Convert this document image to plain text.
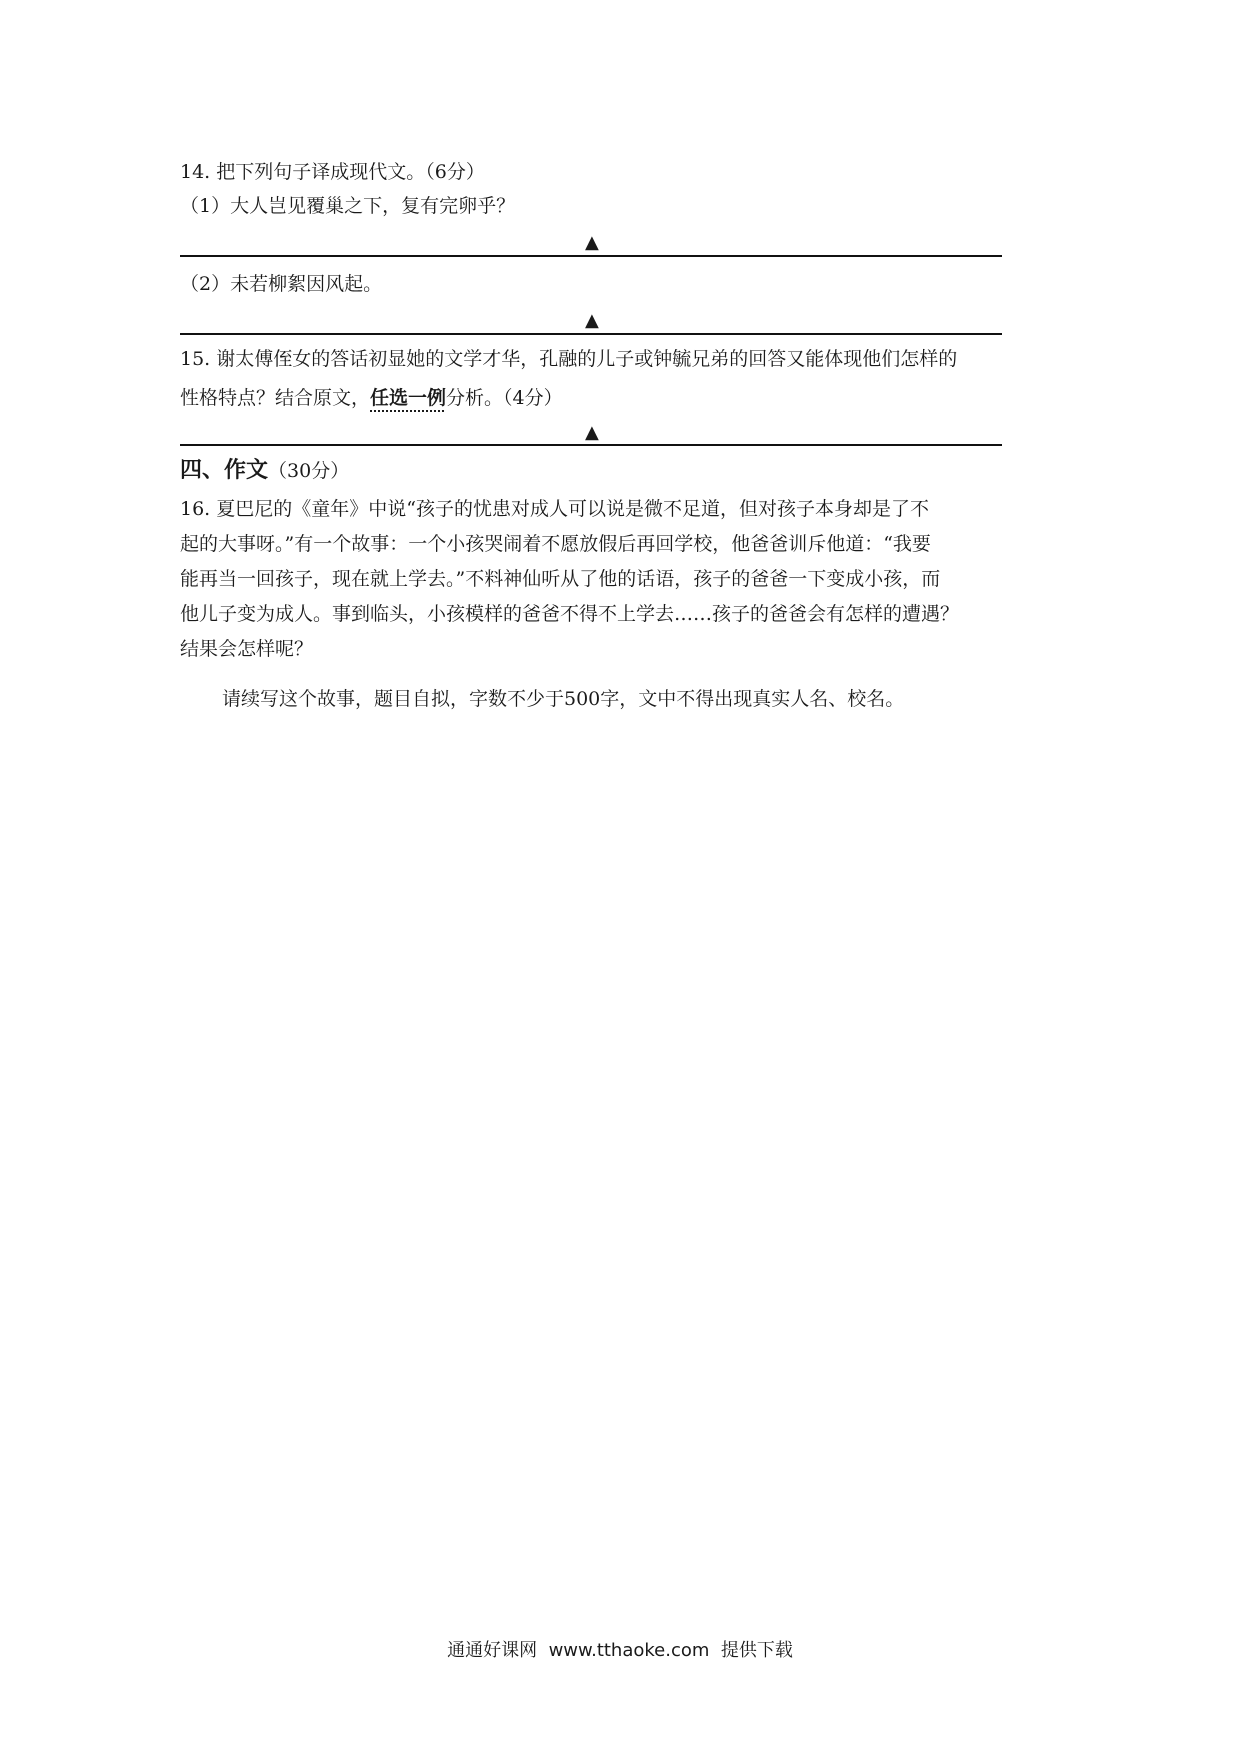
14. 把下列句子译成现代文。（6分）
（1）大人岂见覆巢之下，复有完卵乎？
▲
（2）未若柳絮因风起。
▲
15. 谢太傅侄女的答话初显她的文学才华，孔融的儿子或钟毓兄弟的回答又能体现他们怎样的
性格特点？结合原文，任选一例分析。（4分）
▲
四、作文（30分）
16. 夏巴尼的《童年》中说“孩子的忧患对成人可以说是微不足道，但对孩子本身却是了不
起的大事呀。”有一个故事：一个小孩哭闹着不愿放假后再回学校，他爸爸训斥他道：“我要
能再当一回孩子，现在就上学去。”不料神仙听从了他的话语，孩子的爸爸一下变成小孩，而
他儿子变为成人。事到临头，小孩模样的爸爸不得不上学去……孩子的爸爸会有怎样的遭遇？
结果会怎样呢？
请续写这个故事，题目自拟，字数不少于500字，文中不得出现真实人名、校名。
通通好课网  www.tthaoke.com  提供下载
